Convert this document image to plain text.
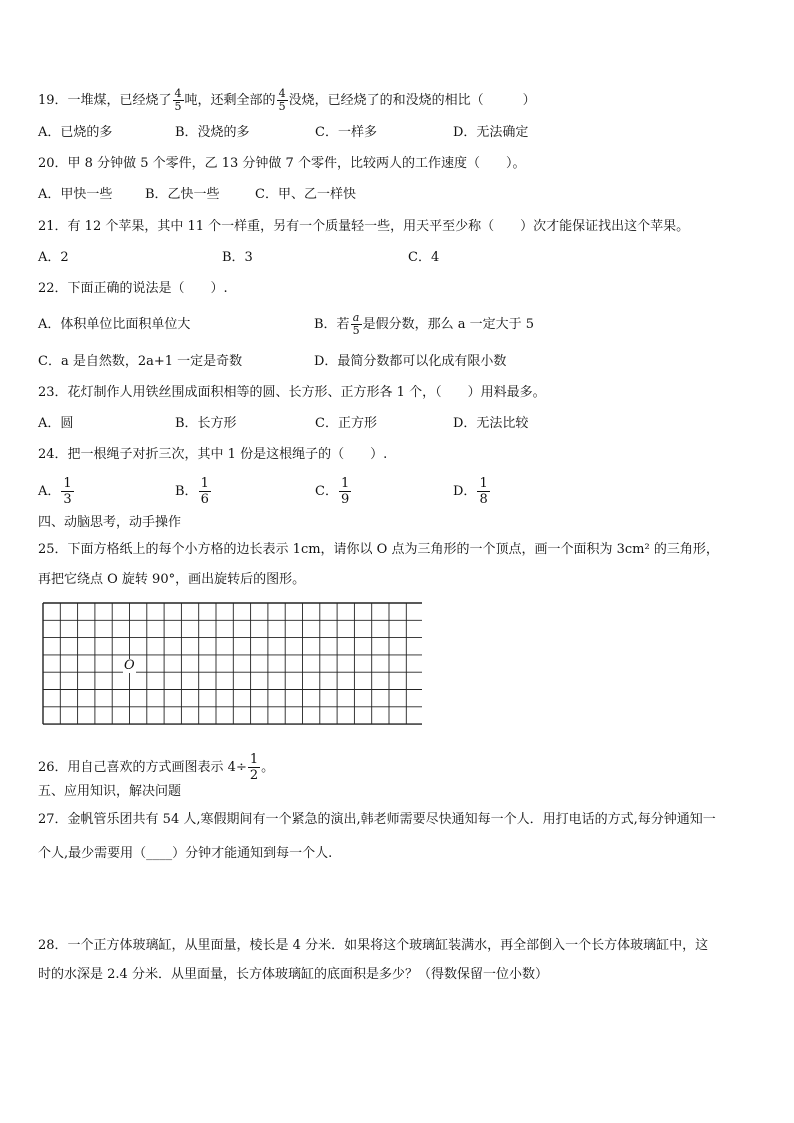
19．一堆煤，已经烧了 $\frac{4}{5}$ 吨，还剩全部的 $\frac{4}{5}$ 没烧，已经烧了的和没烧的相比（　　　）
A．已烧的多	B．没烧的多	C．一样多	D．无法确定
20．甲 8 分钟做 5 个零件，乙 13 分钟做 7 个零件，比较两人的工作速度（　　）。
A．甲快一些	B．乙快一些	C．甲、乙一样快
21．有 12 个苹果，其中 11 个一样重，另有一个质量轻一些，用天平至少称（　　）次才能保证找出这个苹果。
A．2	B．3	C．4
22．下面正确的说法是（　　）.
A．体积单位比面积单位大	B．若 $\frac{a}{5}$ 是假分数，那么 a 一定大于 5
C．a 是自然数，2a+1 一定是奇数	D．最简分数都可以化成有限小数
23．花灯制作人用铁丝围成面积相等的圆、长方形、正方形各 1 个，（　　）用料最多。
A．圆	B．长方形	C．正方形	D．无法比较
24．把一根绳子对折三次，其中 1 份是这根绳子的（　　）.
A． $\frac{1}{3}$	B． $\frac{1}{6}$	C． $\frac{1}{9}$	D． $\frac{1}{8}$
四、动脑思考，动手操作
25．下面方格纸上的每个小方格的边长表示 1cm，请你以 O 点为三角形的一个顶点，画一个面积为 3cm² 的三角形，
再把它绕点 O 旋转 90°，画出旋转后的图形。
O
26．用自己喜欢的方式画图表示 $4\div \frac{1}{2}$ 。
五、应用知识，解决问题
27．金帆管乐团共有 54 人,寒假期间有一个紧急的演出,韩老师需要尽快通知每一个人．用打电话的方式,每分钟通知一
个人,最少需要用（____）分钟才能通知到每一个人.
28．一个正方体玻璃缸，从里面量，棱长是 4 分米．如果将这个玻璃缸装满水，再全部倒入一个长方体玻璃缸中，这
时的水深是 2.4 分米．从里面量，长方体玻璃缸的底面积是多少？（得数保留一位小数）
